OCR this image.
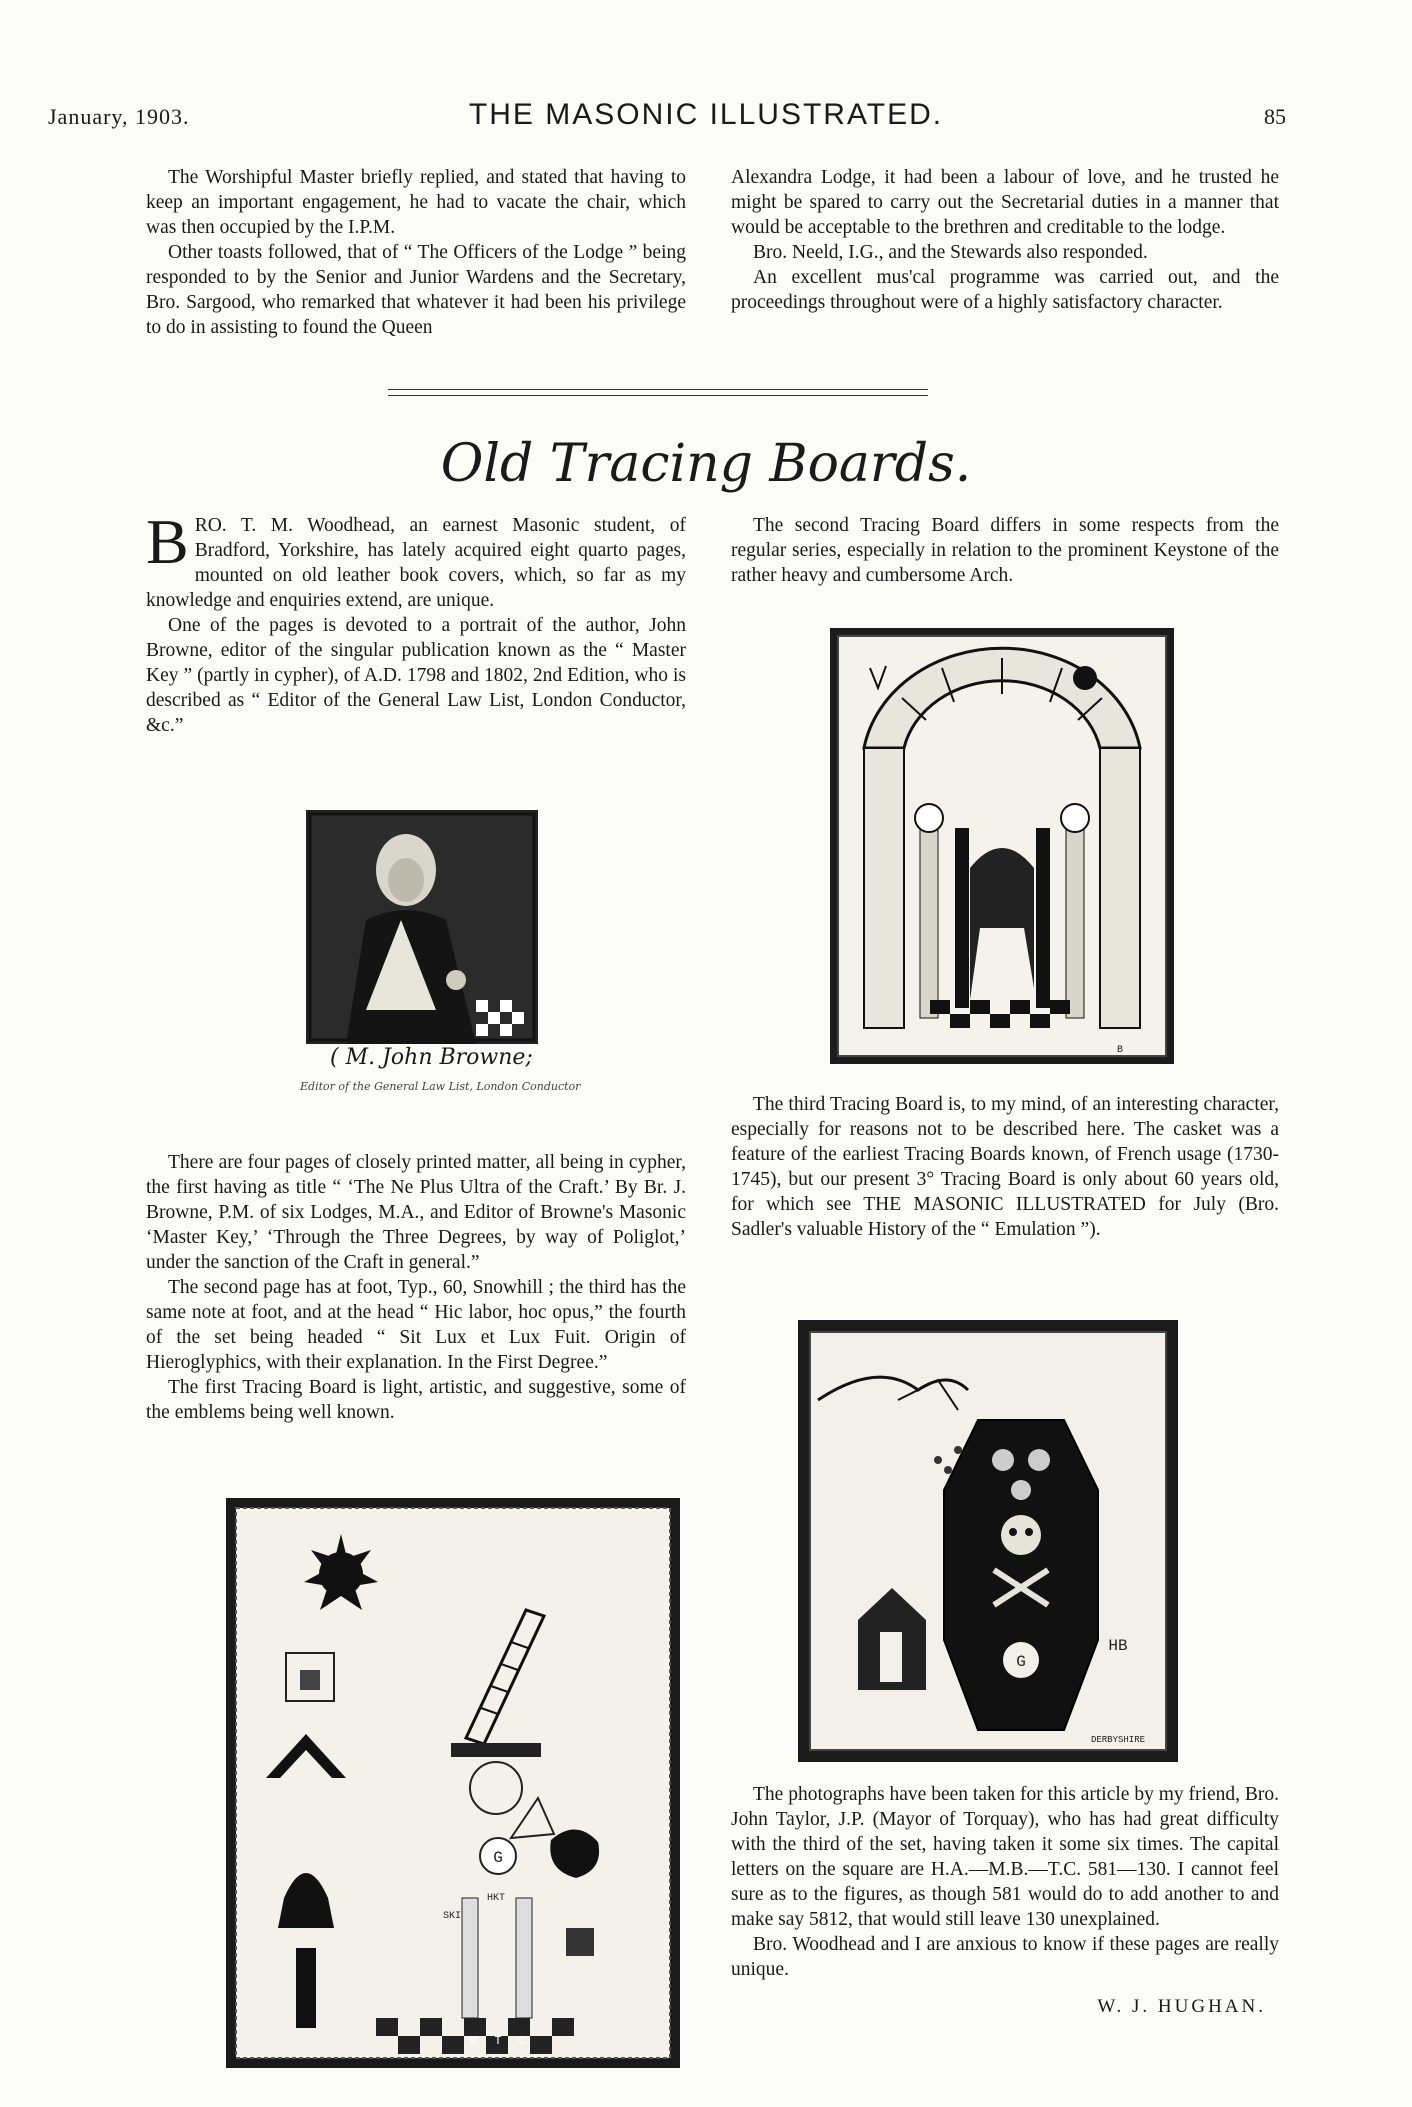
January, 1903.	THE MASONIC ILLUSTRATED.	85

The Worshipful Master briefly replied, and stated that having to keep an important engagement, he had to vacate the chair, which was then occupied by the I.P.M.

Other toasts followed, that of “ The Officers of the Lodge ” being responded to by the Senior and Junior Wardens and the Secretary, Bro. Sargood, who remarked that whatever it had been his privilege to do in assisting to found the Queen

Alexandra Lodge, it had been a labour of love, and he trusted he might be spared to carry out the Secretarial duties in a manner that would be acceptable to the brethren and creditable to the lodge.

Bro. Neeld, I.G., and the Stewards also responded.

An excellent mus'cal programme was carried out, and the proceedings throughout were of a highly satisfactory character.

Old Tracing Boards.

BRO. T. M. Woodhead, an earnest Masonic student, of Bradford, Yorkshire, has lately acquired eight quarto pages, mounted on old leather book covers, which, so far as my knowledge and enquiries extend, are unique.

One of the pages is devoted to a portrait of the author, John Browne, editor of the singular publication known as the “ Master Key ” (partly in cypher), of A.D. 1798 and 1802, 2nd Edition, who is described as “ Editor of the General Law List, London Conductor, &c.”

( M. John Browne;
Editor of the General Law List, London Conductor

There are four pages of closely printed matter, all being in cypher, the first having as title “ ‘The Ne Plus Ultra of the Craft.’ By Br. J. Browne, P.M. of six Lodges, M.A., and Editor of Browne's Masonic ‘Master Key,’ ‘Through the Three Degrees, by way of Poliglot,’ under the sanction of the Craft in general.”

The second page has at foot, Typ., 60, Snowhill ; the third has the same note at foot, and at the head “ Hic labor, hoc opus,” the fourth of the set being headed “ Sit Lux et Lux Fuit. Origin of Hieroglyphics, with their explanation. In the First Degree.”

The first Tracing Board is light, artistic, and suggestive, some of the emblems being well known.

G
HKT
SKI
B T C

The second Tracing Board differs in some respects from the regular series, especially in relation to the prominent Keystone of the rather heavy and cumbersome Arch.

B

The third Tracing Board is, to my mind, of an interesting character, especially for reasons not to be described here. The casket was a feature of the earliest Tracing Boards known, of French usage (1730-1745), but our present 3° Tracing Board is only about 60 years old, for which see THE MASONIC ILLUSTRATED for July (Bro. Sadler's valuable History of the “ Emulation ”).

G
HB
DERBYSHIRE

The photographs have been taken for this article by my friend, Bro. John Taylor, J.P. (Mayor of Torquay), who has had great difficulty with the third of the set, having taken it some six times. The capital letters on the square are H.A.—M.B.—T.C. 581—130. I cannot feel sure as to the figures, as though 581 would do to add another to and make say 5812, that would still leave 130 unexplained.

Bro. Woodhead and I are anxious to know if these pages are really unique.

W. J. HUGHAN.
